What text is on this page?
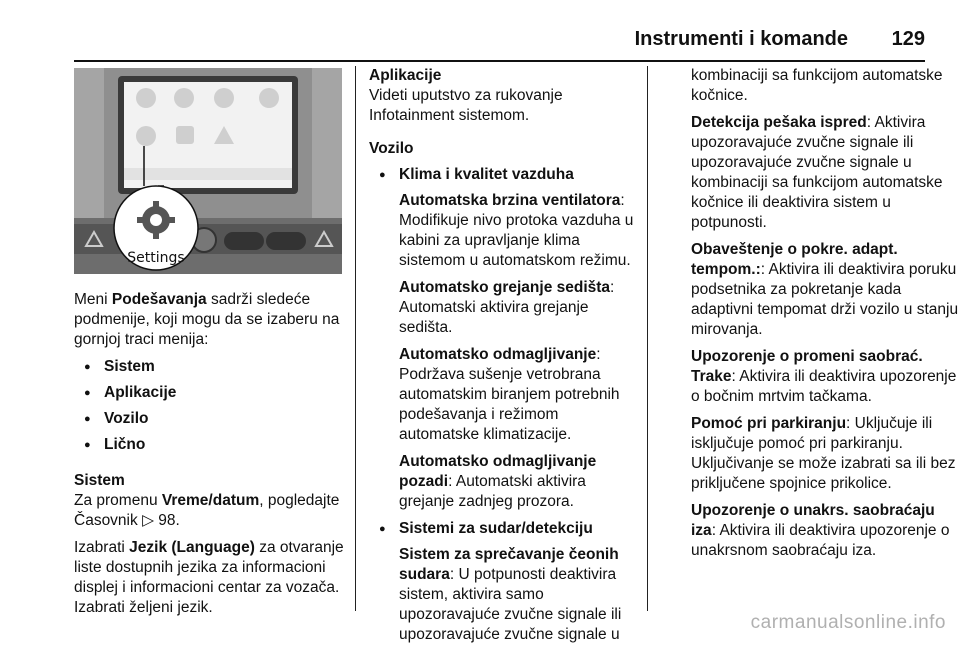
Instrumenti i komande 129
Settings

Meni Podešavanja sadrži sledeće podmenije, koji mogu da se izaberu na gornjoj traci menija:

● Sistem
● Aplikacije
● Vozilo
● Lično

Sistem

Za promenu Vreme/datum, pogledajte Časovnik ▷ 98.

Izabrati Jezik (Language) za otvaranje liste dostupnih jezika za informacioni displej i informacioni centar za vozača. Izabrati željeni jezik.

Aplikacije

Videti uputstvo za rukovanje Infotainment sistemom.

Vozilo

● Klima i kvalitet vazduha

Automatska brzina ventilatora: Modifikuje nivo protoka vazduha u kabini za upravljanje klima sistemom u automatskom režimu.

Automatsko grejanje sedišta: Automatski aktivira grejanje sedišta.

Automatsko odmagljivanje: Podržava sušenje vetrobrana automatskim biranjem potrebnih podešavanja i režimom automatske klimatizacije.

Automatsko odmagljivanje pozadi: Automatski aktivira grejanje zadnjeg prozora.

● Sistemi za sudar/detekciju

Sistem za sprečavanje čeonih sudara: U potpunosti deaktivira sistem, aktivira samo upozoravajuće zvučne signale ili upozoravajuće zvučne signale u

kombinaciji sa funkcijom automatske kočnice.

Detekcija pešaka ispred: Aktivira upozoravajuće zvučne signale ili upozoravajuće zvučne signale u kombinaciji sa funkcijom automatske kočnice ili deaktivira sistem u potpunosti.

Obaveštenje o pokre. adapt. tempom.:: Aktivira ili deaktivira poruku podsetnika za pokretanje kada adaptivni tempomat drži vozilo u stanju mirovanja.

Upozorenje o promeni saobrać. Trake: Aktivira ili deaktivira upozorenje o bočnim mrtvim tačkama.

Pomoć pri parkiranju: Uključuje ili isključuje pomoć pri parkiranju. Uključivanje se može izabrati sa ili bez priključene spojnice prikolice.

Upozorenje o unakrs. saobraćaju iza: Aktivira ili deaktivira upozorenje o unakrsnom saobraćaju iza.

carmanualsonline.info
